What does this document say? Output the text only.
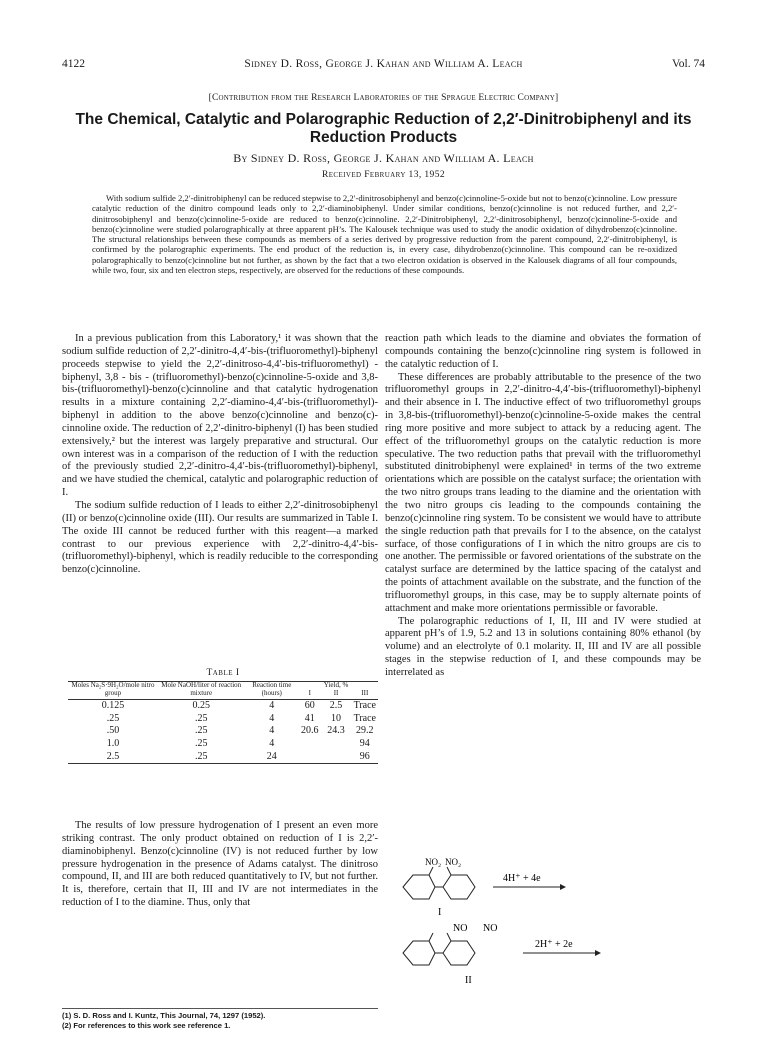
4122	Sidney D. Ross, George J. Kahan and William A. Leach	Vol. 74
[Contribution from the Research Laboratories of the Sprague Electric Company]
The Chemical, Catalytic and Polarographic Reduction of 2,2′-Dinitrobiphenyl and its Reduction Products
By Sidney D. Ross, George J. Kahan and William A. Leach
Received February 13, 1952
With sodium sulfide 2,2′-dinitrobiphenyl can be reduced stepwise to 2,2′-dinitrosobiphenyl and benzo(c)cinnoline-5-oxide but not to benzo(c)cinnoline. Low pressure catalytic reduction of the dinitro compound leads only to 2,2′-diaminobiphenyl. Under similar conditions, benzo(c)cinnoline is not reduced further, and 2,2′-dinitrosobiphenyl and benzo(c)cinnoline-5-oxide are reduced to benzo(c)cinnoline. 2,2′-Dinitrobiphenyl, 2,2′-dinitrosobiphenyl, benzo(c)cinnoline-5-oxide and benzo(c)cinnoline were studied polarographically at three apparent pH’s. The Kalousek technique was used to study the anodic oxidation of dihydrobenzo(c)cinnoline. The structural relationships between these compounds as members of a series derived by progressive reduction from the parent compound, 2,2′-dinitrobiphenyl, is confirmed by the polarographic experiments. The end product of the reduction is, in every case, dihydrobenzo(c)cinnoline. This compound can be re-oxidized polarographically to benzo(c)cinnoline but not further, as shown by the fact that a two electron oxidation is observed in the Kalousek diagrams of all four compounds, while two, four, six and ten electron steps, respectively, are observed for the reductions of these compounds.

In a previous publication from this Laboratory,¹ it was shown that the sodium sulfide reduction of 2,2′-dinitro-4,4′-bis-(trifluoromethyl)-biphenyl proceeds stepwise to yield the 2,2′-dinitroso-4,4′-bis-trifluoromethyl) - biphenyl, 3,8 - bis - (trifluoromethyl)-benzo(c)cinnoline-5-oxide and 3,8-bis-(trifluoromethyl)-benzo(c)cinnoline and that catalytic hydrogenation results in a mixture containing 2,2′-diamino-4,4′-bis-(trifluoromethyl)-biphenyl in addition to the above benzo(c)cinnoline and benzo(c)-cinnoline oxide. The reduction of 2,2′-dinitro-biphenyl (I) has been studied extensively,² but the interest was largely preparative and structural. Our own interest was in a comparison of the reduction of I with the reduction of the previously studied 2,2′-dinitro-4,4′-bis-(trifluoromethyl)-biphenyl, and we have studied the chemical, catalytic and polarographic reduction of I.

The sodium sulfide reduction of I leads to either 2,2′-dinitrosobiphenyl (II) or benzo(c)cinnoline oxide (III). Our results are summarized in Table I. The oxide III cannot be reduced further with this reagent—a marked contrast to our previous experience with 2,2′-dinitro-4,4′-bis-(trifluoromethyl)-biphenyl, which is readily reducible to the corresponding benzo(c)cinnoline.

Table I
Moles Na₂S·9H₂O/mole nitro group	Mole NaOH/liter of reaction mixture	Reaction time (hours)	I	Yield, % II	III
0.125	0.25	4	60	2.5	Trace
.25	.25	4	41	10	Trace
.50	.25	4	20.6	24.3	29.2
1.0	.25	4			94
2.5	.25	24			96

The results of low pressure hydrogenation of I present an even more striking contrast. The only product obtained on reduction of I is 2,2′-diaminobiphenyl. Benzo(c)cinnoline (IV) is not reduced further by low pressure hydrogenation in the presence of Adams catalyst. The dinitroso compound, II, and III are both reduced quantitatively to IV, but not further. It is, therefore, certain that II, III and IV are not intermediates in the reduction of I to the diamine. Thus, only that

(1) S. D. Ross and I. Kuntz, This Journal, 74, 1297 (1952).
(2) For references to this work see reference 1.

reaction path which leads to the diamine and obviates the formation of compounds containing the benzo(c)cinnoline ring system is followed in the catalytic reduction of I.

These differences are probably attributable to the presence of the two trifluoromethyl groups in 2,2′-dinitro-4,4′-bis-(trifluoromethyl)-biphenyl and their absence in I. The inductive effect of two trifluoromethyl groups in 3,8-bis-(trifluoromethyl)-benzo(c)cinnoline-5-oxide makes the central ring more positive and more subject to attack by a reducing agent. The effect of the trifluoromethyl groups on the catalytic reduction is more speculative. The two reduction paths that prevail with the trifluoromethyl substituted dinitrobiphenyl were explained¹ in terms of the two extreme orientations which are possible on the catalyst surface; the orientation with the two nitro groups trans leading to the diamine and the orientation with the two nitro groups cis leading to the compounds containing the benzo(c)cinnoline ring system. To be consistent we would have to attribute the single reduction path that prevails for I to the absence, on the catalyst surface, of those configurations of I in which the nitro groups are cis to one another. The permissible or favored orientations of the substrate on the catalyst surface are determined by the lattice spacing of the catalyst and the points of attachment available on the substrate, and the function of the trifluoromethyl groups, in this case, may be to supply alternate points of attachment and make more orientations permissible or favorable.

The polarographic reductions of I, II, III and IV were studied at apparent pH’s of 1.9, 5.2 and 13 in solutions containing 80% ethanol (by volume) and an electrolyte of 0.1 molarity. II, III and IV are all possible stages in the stepwise reduction of I, and these compounds may be interrelated as

NO₂ NO₂
4H⁺ + 4e
I
NO NO
2H⁺ + 2e
II
